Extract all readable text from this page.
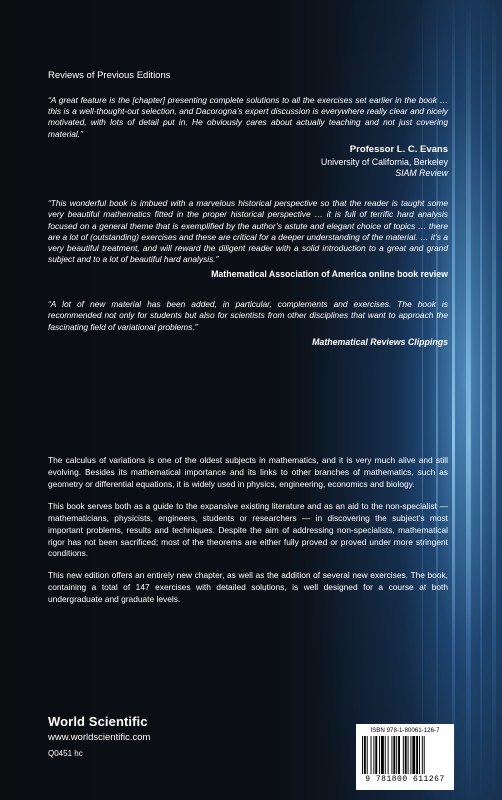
Reviews of Previous Editions

“A great feature is the [chapter] presenting complete solutions to all the exercises set earlier in the book … this is a well-thought-out selection, and Dacorogna’s expert discussion is everywhere really clear and nicely motivated, with lots of detail put in. He obviously cares about actually teaching and not just covering material.”

Professor L. C. Evans
University of California, Berkeley
SIAM Review

“This wonderful book is imbued with a marvelous historical perspective so that the reader is taught some very beautiful mathematics fitted in the proper historical perspective … it is full of terrific hard analysis focused on a general theme that is exemplified by the author’s astute and elegant choice of topics … there are a lot of (outstanding) exercises and these are critical for a deeper understanding of the material. … it’s a very beautiful treatment, and will reward the diligent reader with a solid introduction to a great and grand subject and to a lot of beautiful hard analysis.”

Mathematical Association of America online book review

“A lot of new material has been added, in particular, complements and exercises. The book is recommended not only for students but also for scientists from other disciplines that want to approach the fascinating field of variational problems.”

Mathematical Reviews Clippings

The calculus of variations is one of the oldest subjects in mathematics, and it is very much alive and still evolving. Besides its mathematical importance and its links to other branches of mathematics, such as geometry or differential equations, it is widely used in physics, engineering, economics and biology.

This book serves both as a guide to the expansive existing literature and as an aid to the non-specialist — mathematicians, physicists, engineers, students or researchers — in discovering the subject’s most important problems, results and techniques. Despite the aim of addressing non-specialists, mathematical rigor has not been sacrificed; most of the theorems are either fully proved or proved under more stringent conditions.

This new edition offers an entirely new chapter, as well as the addition of several new exercises. The book, containing a total of 147 exercises with detailed solutions, is well designed for a course at both undergraduate and graduate levels.

World Scientific
www.worldscientific.com
Q0451 hc
ISBN 978-1-80061-126-7
9 781800 611267
